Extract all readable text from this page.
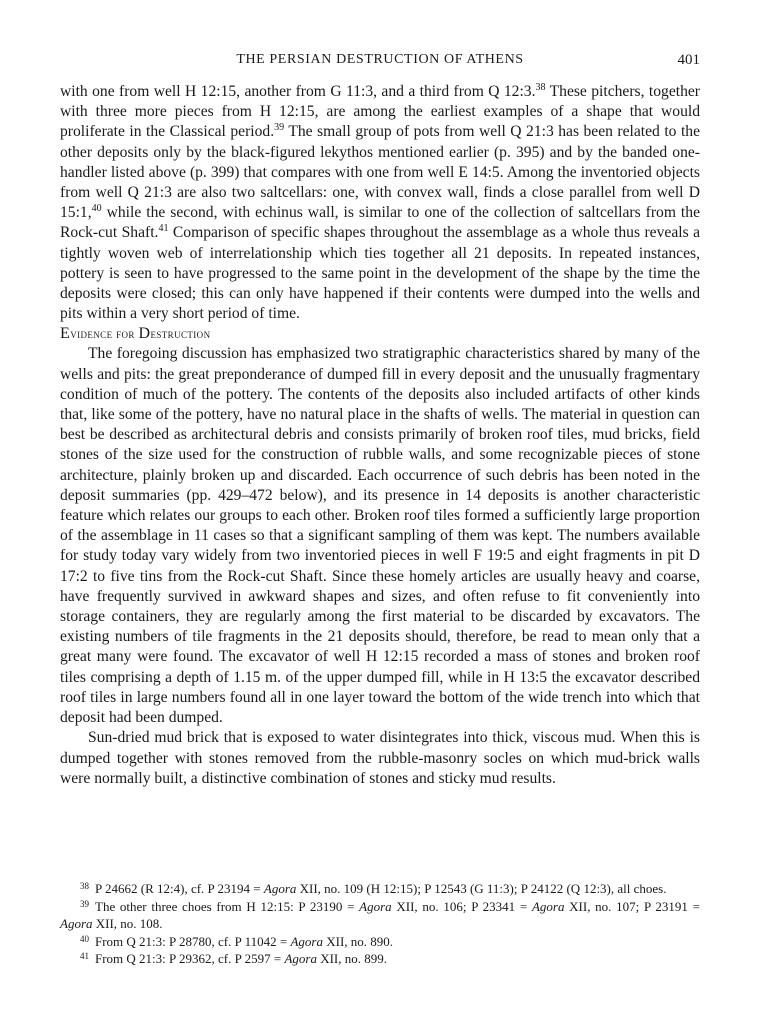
THE PERSIAN DESTRUCTION OF ATHENS	401

with one from well H 12:15, another from G 11:3, and a third from Q 12:3.38 These pitchers, together with three more pieces from H 12:15, are among the earliest examples of a shape that would proliferate in the Classical period.$^{39}$ The small group of pots from well Q 21:3 has been related to the other deposits only by the black-figured lekythos mentioned earlier (p. 395) and by the banded one-handler listed above (p. 399) that compares with one from well E 14:5. Among the inventoried objects from well Q 21:3 are also two saltcellars: one, with convex wall, finds a close parallel from well D 15:1,40 while the second, with echinus wall, is similar to one of the collection of saltcellars from the Rock-cut Shaft.$^{41}$ Comparison of specific shapes throughout the assemblage as a whole thus reveals a tightly woven web of interrelationship which ties together all 21 deposits. In repeated instances, pottery is seen to have progressed to the same point in the development of the shape by the time the deposits were closed; this can only have happened if their contents were dumped into the wells and pits within a very short period of time.

Evidence for Destruction

The foregoing discussion has emphasized two stratigraphic characteristics shared by many of the wells and pits: the great preponderance of dumped fill in every deposit and the unusually fragmentary condition of much of the pottery. The contents of the deposits also included artifacts of other kinds that, like some of the pottery, have no natural place in the shafts of wells. The material in question can best be described as architectural debris and consists primarily of broken roof tiles, mud bricks, field stones of the size used for the construction of rubble walls, and some recognizable pieces of stone architecture, plainly broken up and discarded. Each occurrence of such debris has been noted in the deposit summaries (pp. 429–472 below), and its presence in 14 deposits is another characteristic feature which relates our groups to each other. Broken roof tiles formed a sufficiently large proportion of the assemblage in 11 cases so that a significant sampling of them was kept. The numbers available for study today vary widely from two inventoried pieces in well F 19:5 and eight fragments in pit D 17:2 to five tins from the Rock-cut Shaft. Since these homely articles are usually heavy and coarse, have frequently survived in awkward shapes and sizes, and often refuse to fit conveniently into storage containers, they are regularly among the first material to be discarded by excavators. The existing numbers of tile fragments in the 21 deposits should, therefore, be read to mean only that a great many were found. The excavator of well H 12:15 recorded a mass of stones and broken roof tiles comprising a depth of 1.15 m. of the upper dumped fill, while in H 13:5 the excavator described roof tiles in large numbers found all in one layer toward the bottom of the wide trench into which that deposit had been dumped.

Sun-dried mud brick that is exposed to water disintegrates into thick, viscous mud. When this is dumped together with stones removed from the rubble-masonry socles on which mud-brick walls were normally built, a distinctive combination of stones and sticky mud results.

$^{38}$ P 24662 (R 12:4), cf. P 23194 = Agora XII, no. 109 (H 12:15); P 12543 (G 11:3); P 24122 (Q 12:3), all choes.

$^{39}$ The other three choes from H 12:15: P 23190 = Agora XII, no. 106; P 23341 = Agora XII, no. 107; P 23191 = Agora XII, no. 108.

$^{40}$ From Q 21:3: P 28780, cf. P 11042 = Agora XII, no. 890.

$^{41}$ From Q 21:3: P 29362, cf. P 2597 = Agora XII, no. 899.
